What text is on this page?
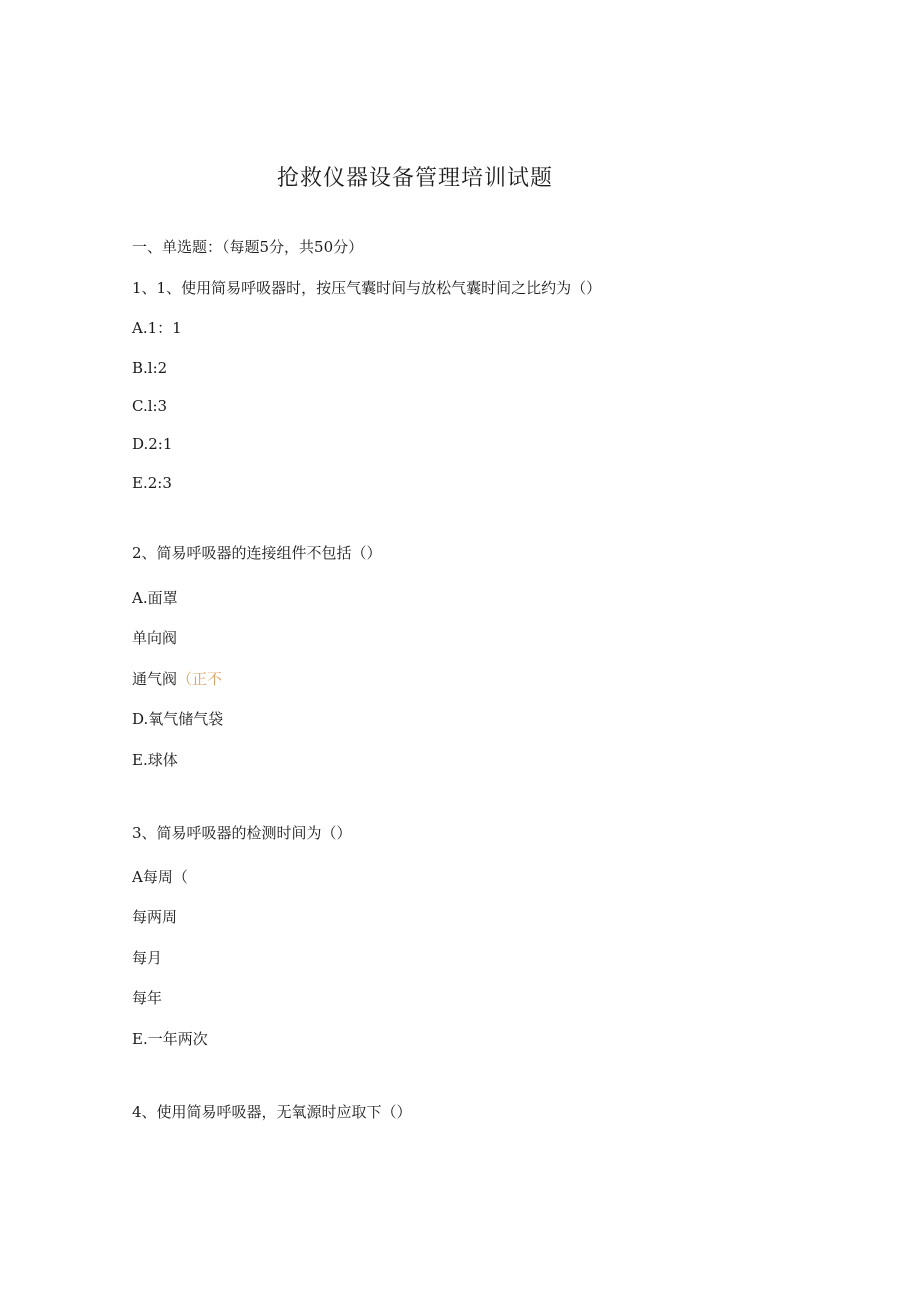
抢救仪器设备管理培训试题
一、单选题：（每题5分，共50分）
1、1、使用简易呼吸器时，按压气囊时间与放松气囊时间之比约为（）
A.1：1
B.l:2
C.l:3
D.2:1
E.2:3
2、简易呼吸器的连接组件不包括（）
A.面罩
单向阀
通气阀（正不
D.氧气储气袋
E.球体
3、简易呼吸器的检测时间为（）
A每周（
每两周
每月
每年
E.一年两次
4、使用简易呼吸器，无氧源时应取下（）
